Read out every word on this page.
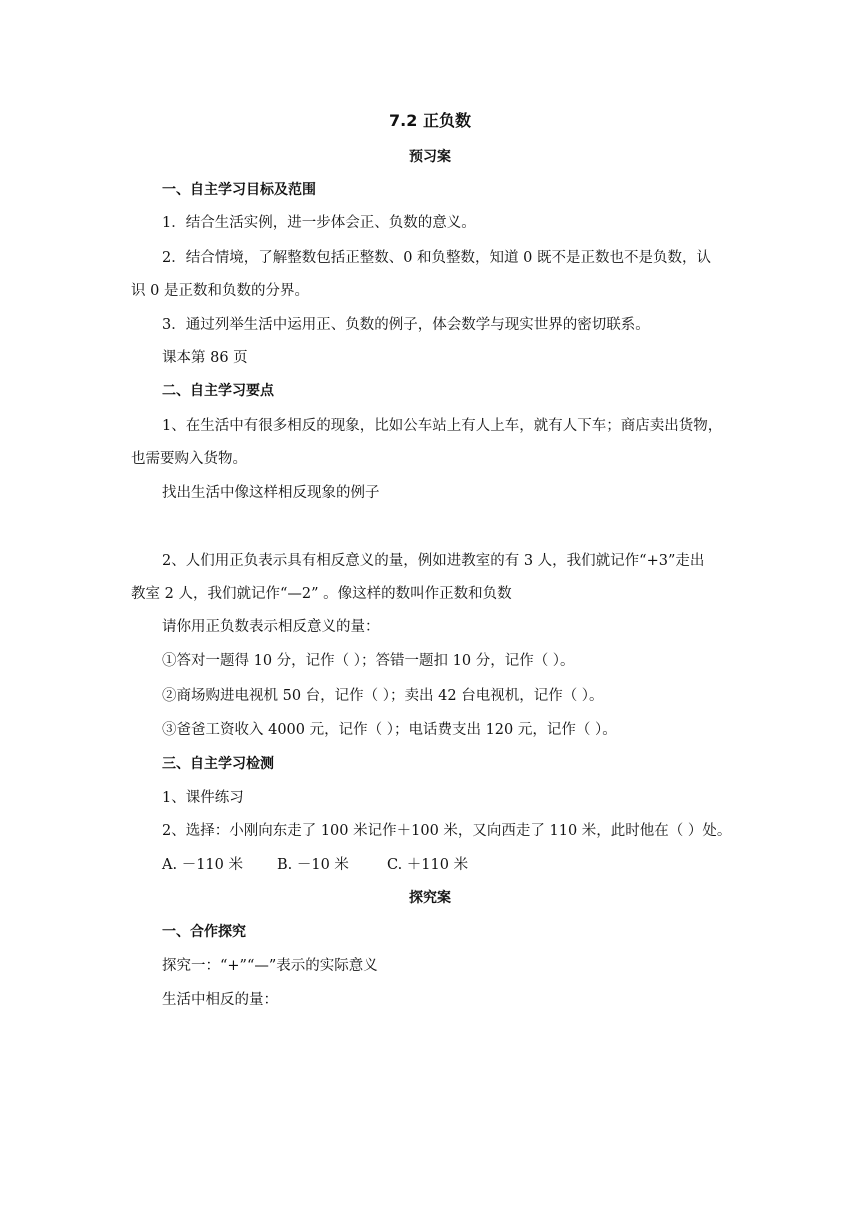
7.2 正负数
预习案
一、自主学习目标及范围
1．结合生活实例，进一步体会正、负数的意义。
2．结合情境，了解整数包括正整数、0 和负整数，知道 0 既不是正数也不是负数，认
识 0 是正数和负数的分界。
3．通过列举生活中运用正、负数的例子，体会数学与现实世界的密切联系。
课本第 86 页
二、自主学习要点
1、在生活中有很多相反的现象，比如公车站上有人上车，就有人下车；商店卖出货物，
也需要购入货物。
找出生活中像这样相反现象的例子
2、人们用正负表示具有相反意义的量，例如进教室的有 3 人，我们就记作“+3”走出
教室 2 人，我们就记作“—2” 。像这样的数叫作正数和负数
请你用正负数表示相反意义的量：
①答对一题得 10 分，记作（ ）；答错一题扣 10 分，记作（ ）。
②商场购进电视机 50 台，记作（ ）；卖出 42 台电视机，记作（ ）。
③爸爸工资收入 4000 元，记作（ ）；电话费支出 120 元，记作（ ）。
三、自主学习检测
1、课件练习
2、选择：小刚向东走了 100 米记作＋100 米，又向西走了 110 米，此时他在（ ）处。
A. －110 米 B. －10 米	C. ＋110 米
探究案
一、合作探究
探究一：“+”“—”表示的实际意义
生活中相反的量：
